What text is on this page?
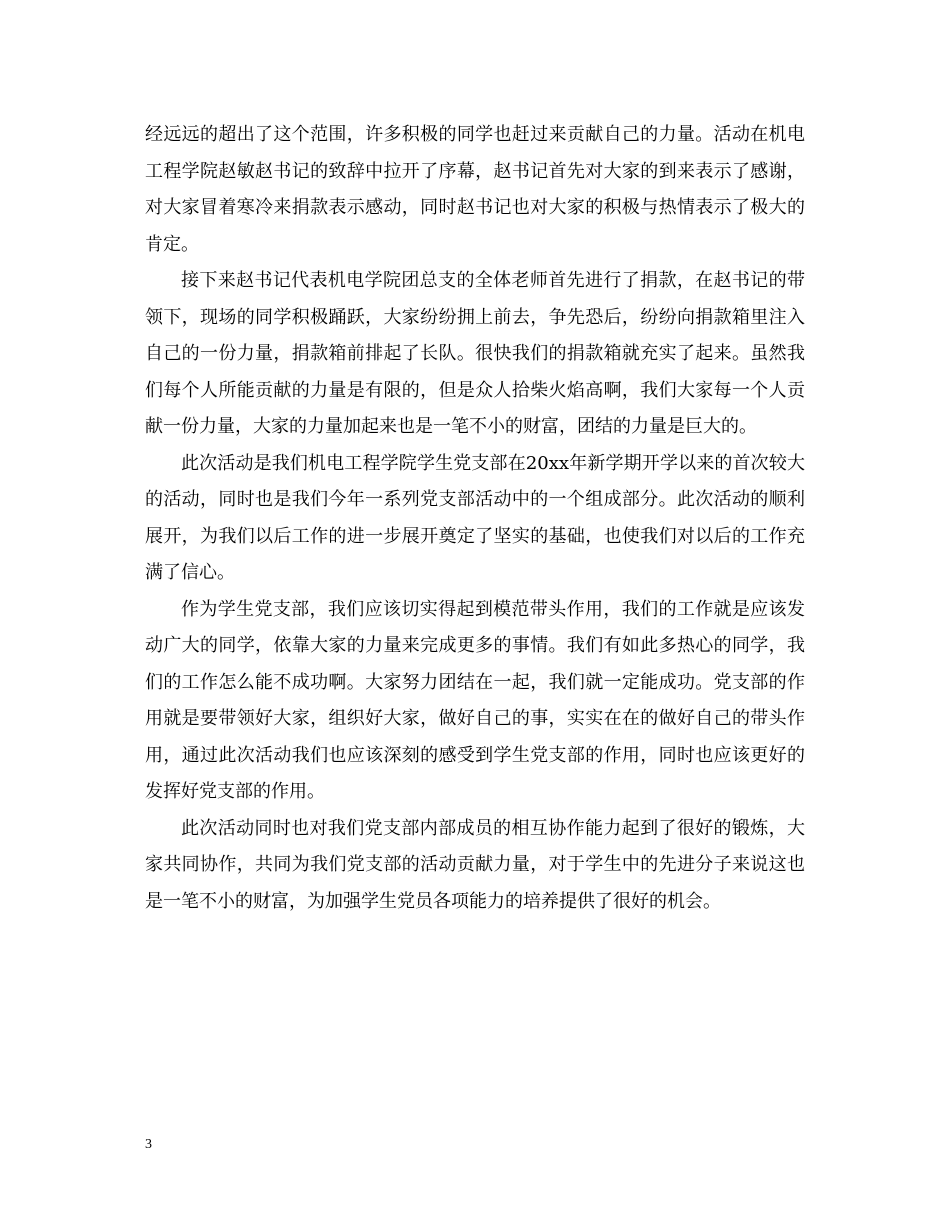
经远远的超出了这个范围，许多积极的同学也赶过来贡献自己的力量。活动在机电工程学院赵敏赵书记的致辞中拉开了序幕，赵书记首先对大家的到来表示了感谢，对大家冒着寒冷来捐款表示感动，同时赵书记也对大家的积极与热情表示了极大的肯定。

接下来赵书记代表机电学院团总支的全体老师首先进行了捐款，在赵书记的带领下，现场的同学积极踊跃，大家纷纷拥上前去，争先恐后，纷纷向捐款箱里注入自己的一份力量，捐款箱前排起了长队。很快我们的捐款箱就充实了起来。虽然我们每个人所能贡献的力量是有限的，但是众人拾柴火焰高啊，我们大家每一个人贡献一份力量，大家的力量加起来也是一笔不小的财富，团结的力量是巨大的。

此次活动是我们机电工程学院学生党支部在20xx年新学期开学以来的首次较大的活动，同时也是我们今年一系列党支部活动中的一个组成部分。此次活动的顺利展开，为我们以后工作的进一步展开奠定了坚实的基础，也使我们对以后的工作充满了信心。

作为学生党支部，我们应该切实得起到模范带头作用，我们的工作就是应该发动广大的同学，依靠大家的力量来完成更多的事情。我们有如此多热心的同学，我们的工作怎么能不成功啊。大家努力团结在一起，我们就一定能成功。党支部的作用就是要带领好大家，组织好大家，做好自己的事，实实在在的做好自己的带头作用，通过此次活动我们也应该深刻的感受到学生党支部的作用，同时也应该更好的发挥好党支部的作用。

此次活动同时也对我们党支部内部成员的相互协作能力起到了很好的锻炼，大家共同协作，共同为我们党支部的活动贡献力量，对于学生中的先进分子来说这也是一笔不小的财富，为加强学生党员各项能力的培养提供了很好的机会。

3
